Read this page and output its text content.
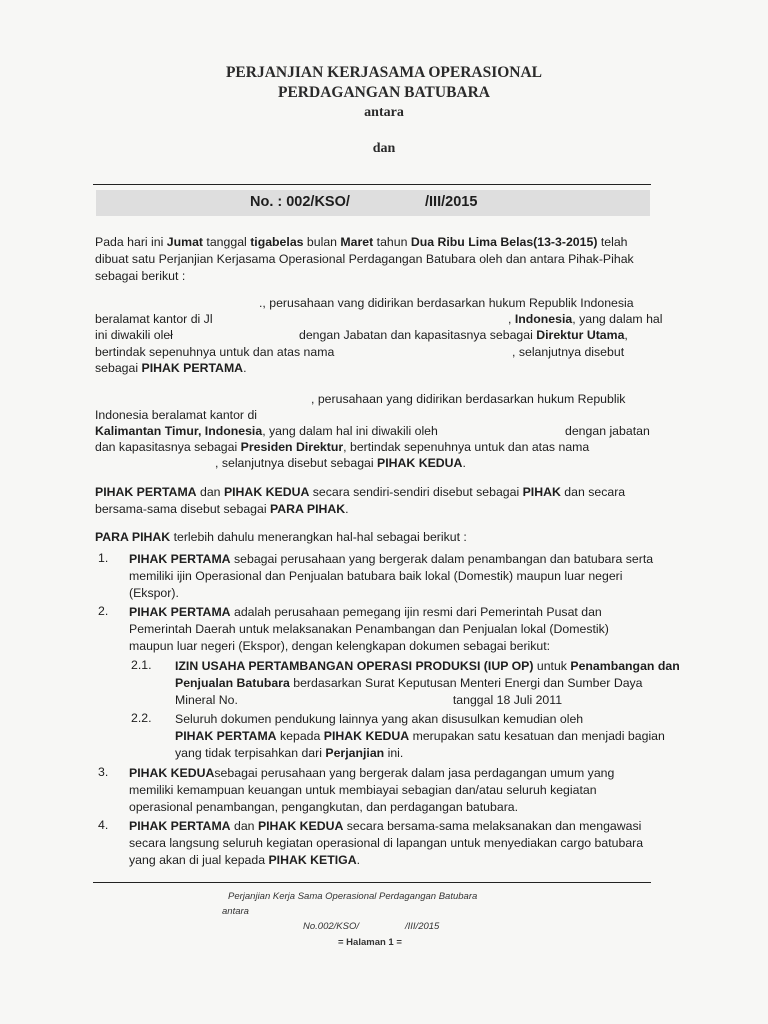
PERJANJIAN KERJASAMA OPERASIONAL
PERDAGANGAN BATUBARA
antara
dan
No. : 002/KSO/	/III/2015
Pada hari ini Jumat tanggal tigabelas bulan Maret tahun Dua Ribu Lima Belas(13-3-2015) telah
dibuat satu Perjanjian Kerjasama Operasional Perdagangan Batubara oleh dan antara Pihak-Pihak
sebagai berikut :
., perusahaan vang didirikan berdasarkan hukum Republik Indonesia
beralamat kantor di Jl	, Indonesia, yang dalam hal
ini diwakili oleł	dengan Jabatan dan kapasitasnya sebagai Direktur Utama,
bertindak sepenuhnya untuk dan atas nama	, selanjutnya disebut
sebagai PIHAK PERTAMA.
, perusahaan yang didirikan berdasarkan hukum Republik
Indonesia beralamat kantor di
Kalimantan Timur, Indonesia, yang dalam hal ini diwakili oleh	dengan jabatan
dan kapasitasnya sebagai Presiden Direktur, bertindak sepenuhnya untuk dan atas nama
, selanjutnya disebut sebagai PIHAK KEDUA.
PIHAK PERTAMA dan PIHAK KEDUA secara sendiri-sendiri disebut sebagai PIHAK dan secara
bersama-sama disebut sebagai PARA PIHAK.
PARA PIHAK terlebih dahulu menerangkan hal-hal sebagai berikut :
1. PIHAK PERTAMA sebagai perusahaan yang bergerak dalam penambangan dan batubara serta
memiliki ijin Operasional dan Penjualan batubara baik lokal (Domestik) maupun luar negeri
(Ekspor).
2. PIHAK PERTAMA adalah perusahaan pemegang ijin resmi dari Pemerintah Pusat dan
Pemerintah Daerah untuk melaksanakan Penambangan dan Penjualan lokal (Domestik)
maupun luar negeri (Ekspor), dengan kelengkapan dokumen sebagai berikut:
2.1. IZIN USAHA PERTAMBANGAN OPERASI PRODUKSI (IUP OP) untuk Penambangan dan
Penjualan Batubara berdasarkan Surat Keputusan Menteri Energi dan Sumber Daya
Mineral No.	tanggal 18 Juli 2011
2.2. Seluruh dokumen pendukung lainnya yang akan disusulkan kemudian oleh
PIHAK PERTAMA kepada PIHAK KEDUA merupakan satu kesatuan dan menjadi bagian
yang tidak terpisahkan dari Perjanjian ini.
3. PIHAK KEDUAsebagai perusahaan yang bergerak dalam jasa perdagangan umum yang
memiliki kemampuan keuangan untuk membiayai sebagian dan/atau seluruh kegiatan
operasional penambangan, pengangkutan, dan perdagangan batubara.
4. PIHAK PERTAMA dan PIHAK KEDUA secara bersama-sama melaksanakan dan mengawasi
secara langsung seluruh kegiatan operasional di lapangan untuk menyediakan cargo batubara
yang akan di jual kepada PIHAK KETIGA.
Perjanjian Kerja Sama Operasional Perdagangan Batubara
antara
No.002/KSO/	/III/2015
= Halaman 1 =
